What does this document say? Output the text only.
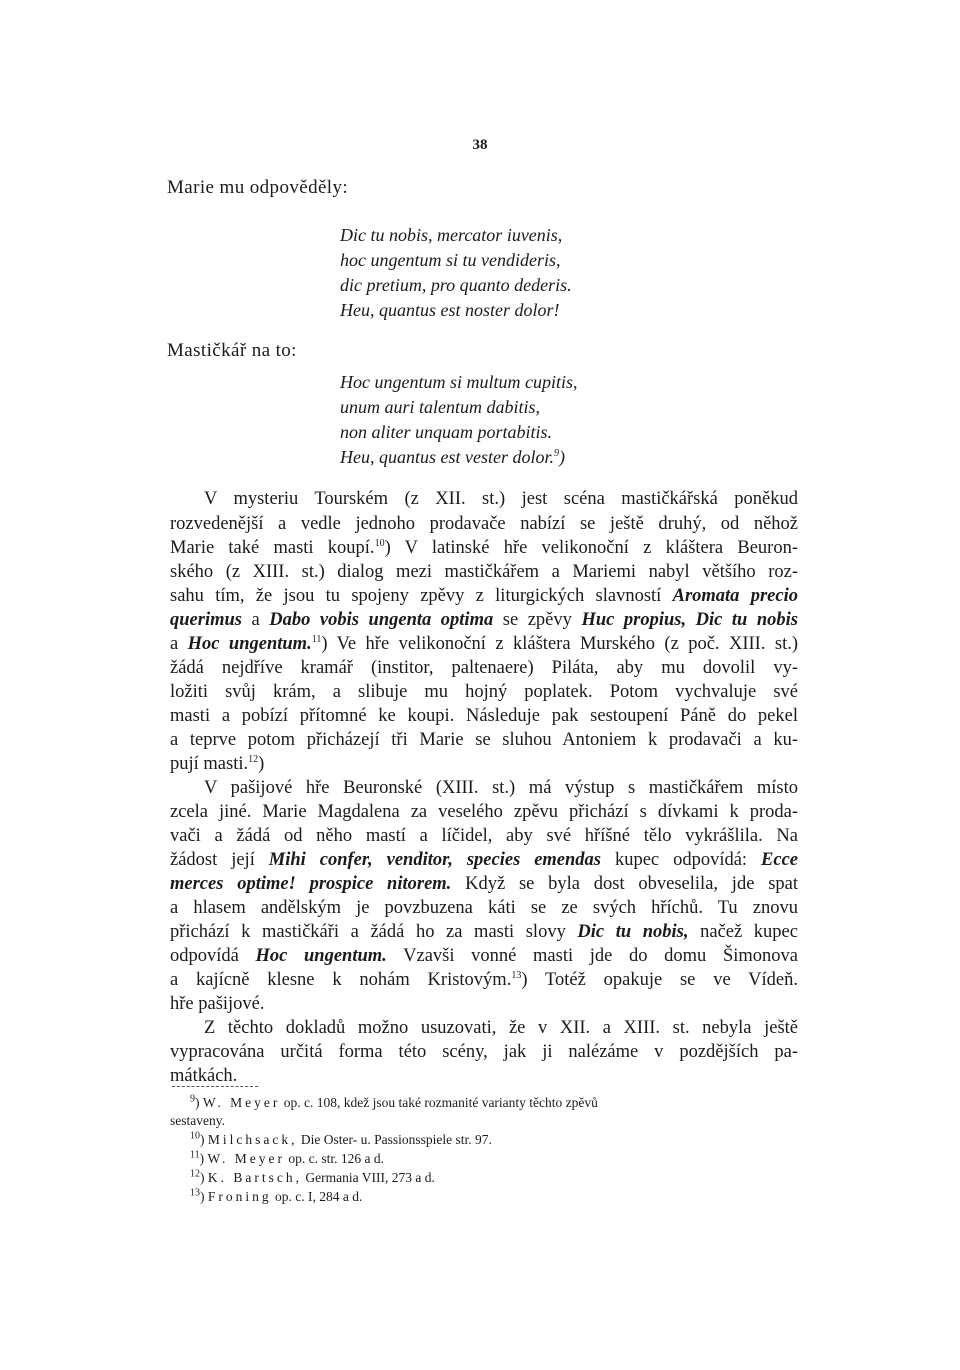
38
Marie mu odpověděly:
Dic tu nobis, mercator iuvenis,
hoc ungentum si tu vendideris,
dic pretium, pro quanto dederis.
Heu, quantus est noster dolor!
Mastičkář na to:
Hoc ungentum si multum cupitis,
unum auri talentum dabitis,
non aliter unquam portabitis.
Heu, quantus est vester dolor.$^9$)
V mysteriu Tourském (z XII. st.) jest scéna mastičkářská poněkud
rozvedenější a vedle jednoho prodavače nabízí se ještě druhý, od něhož
Marie také masti koupí.$^{10}$) V latinské hře velikonoční z kláštera Beuron-
ského (z XIII. st.) dialog mezi mastičkářem a Mariemi nabyl většího roz-
sahu tím, že jsou tu spojeny zpěvy z liturgických slavností Aromata precio
querimus a Dabo vobis ungenta optima se zpěvy Huc propius, Dic tu nobis
a Hoc ungentum.$^{11}$) Ve hře velikonoční z kláštera Murského (z poč. XIII. st.)
žádá nejdříve kramář (institor, paltenaere) Piláta, aby mu dovolil vy-
ložiti svůj krám, a slibuje mu hojný poplatek. Potom vychvaluje své
masti a pobízí přítomné ke koupi. Následuje pak sestoupení Páně do pekel
a teprve potom přicházejí tři Marie se sluhou Antoniem k prodavači a ku-
pují masti.$^{12}$)
V pašijové hře Beuronské (XIII. st.) má výstup s mastičkářem místo
zcela jiné. Marie Magdalena za veselého zpěvu přichází s dívkami k proda-
vači a žádá od něho mastí a líčidel, aby své hříšné tělo vykrášlila. Na
žádost její Mihi confer, venditor, species emendas kupec odpovídá: Ecce
merces optime! prospice nitorem. Když se byla dost obveselila, jde spat
a hlasem andělským je povzbuzena káti se ze svých hříchů. Tu znovu
přichází k mastičkáři a žádá ho za masti slovy Dic tu nobis, načež kupec
odpovídá Hoc ungentum. Vzavši vonné masti jde do domu Šimonova
a kajícně klesne k nohám Kristovým.$^{13}$) Totéž opakuje se ve Vídeň.
hře pašijové.
Z těchto dokladů možno usuzovati, že v XII. a XIII. st. nebyla ještě
vypracována určitá forma této scény, jak ji nalézáme v pozdějších pa-
mátkách.
$^9$) W. Meyer op. c. 108, kdež jsou také rozmanité varianty těchto zpěvů
sestaveny.
$^{10}$) Milchsack, Die Oster- u. Passionsspiele str. 97.
$^{11}$) W. Meyer op. c. str. 126 a d.
$^{12}$) K. Bartsch, Germania VIII, 273 a d.
$^{13}$) Froning op. c. I, 284 a d.
